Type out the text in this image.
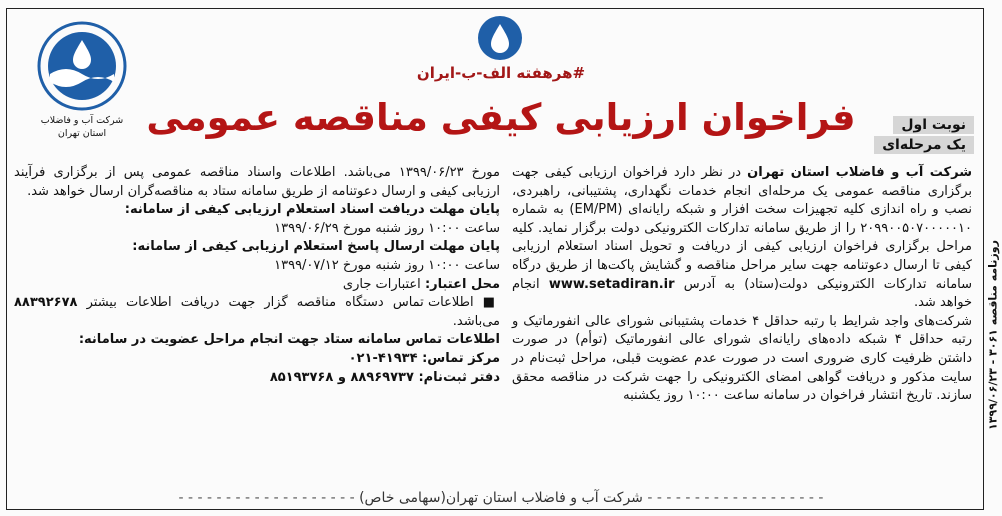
شرکت آب و فاضلاب
استان تهران
#هرهفته الف-ب-ایران
فراخوان ارزیابی کیفی مناقصه عمومی	نوبت اول
یک مرحله‌ای
روزنامه مناقصه ۳۰۶۱ - ۱۳۹۹/۰۶/۲۳

شرکت آب و فاضلاب استان تهران در نظر دارد فراخوان ارزیابی کیفی جهت برگزاری مناقصه عمومی یک مرحله‌ای انجام خدمات نگهداری، پشتیبانی، راهبردی، نصب و راه اندازی کلیه تجهیزات سخت افزار و شبکه رایانه‌ای (EM/PM) به شماره ۲۰۹۹۰۰۵۰۷۰۰۰۰۰۱۰ را از طریق سامانه تدارکات الکترونیکی دولت برگزار نماید. کلیه مراحل برگزاری فراخوان ارزیابی کیفی از دریافت و تحویل اسناد استعلام ارزیابی کیفی تا ارسال دعوتنامه جهت سایر مراحل مناقصه و گشایش پاکت‌ها از طریق درگاه سامانه تدارکات الکترونیکی دولت(ستاد) به آدرس www.setadiran.ir انجام خواهد شد.

شرکت‌های واجد شرایط با رتبه حداقل ۴ خدمات پشتیبانی شورای عالی انفورماتیک و رتبه حداقل ۴ شبکه داده‌های رایانه‌ای شورای عالی انفورماتیک (توأم) در صورت داشتن ظرفیت کاری ضروری است در صورت عدم عضویت قبلی، مراحل ثبت‌نام در سایت مذکور و دریافت گواهی امضای الکترونیکی را جهت شرکت در مناقصه محقق سازند. تاریخ انتشار فراخوان در سامانه ساعت ۱۰:۰۰ روز یکشنبه

مورخ ۱۳۹۹/۰۶/۲۳ می‌باشد. اطلاعات واسناد مناقصه عمومی پس از برگزاری فرآیند ارزیابی کیفی و ارسال دعوتنامه از طریق سامانه ستاد به مناقصه‌گران ارسال خواهد شد.

پایان مهلت دریافت اسناد استعلام ارزیابی کیفی از سامانه:

ساعت ۱۰:۰۰ روز شنبه مورخ ۱۳۹۹/۰۶/۲۹

پایان مهلت ارسال پاسخ استعلام ارزیابی کیفی از سامانه:

ساعت ۱۰:۰۰ روز شنبه مورخ ۱۳۹۹/۰۷/۱۲

محل اعتبار: اعتبارات جاری

■ اطلاعات تماس دستگاه مناقصه گزار جهت دریافت اطلاعات بیشتر ۸۸۳۹۲۶۷۸ می‌باشد.

اطلاعات تماس سامانه ستاد جهت انجام مراحل عضویت در سامانه:

مرکز تماس: ۴۱۹۳۴-۰۲۱

دفتر ثبت‌نام: ۸۸۹۶۹۷۳۷ و ۸۵۱۹۳۷۶۸

- - - - - - - - - - - - - - - - - - - شرکت آب و فاضلاب استان تهران(سهامی خاص) - - - - - - - - - - - - - - - - - - -
